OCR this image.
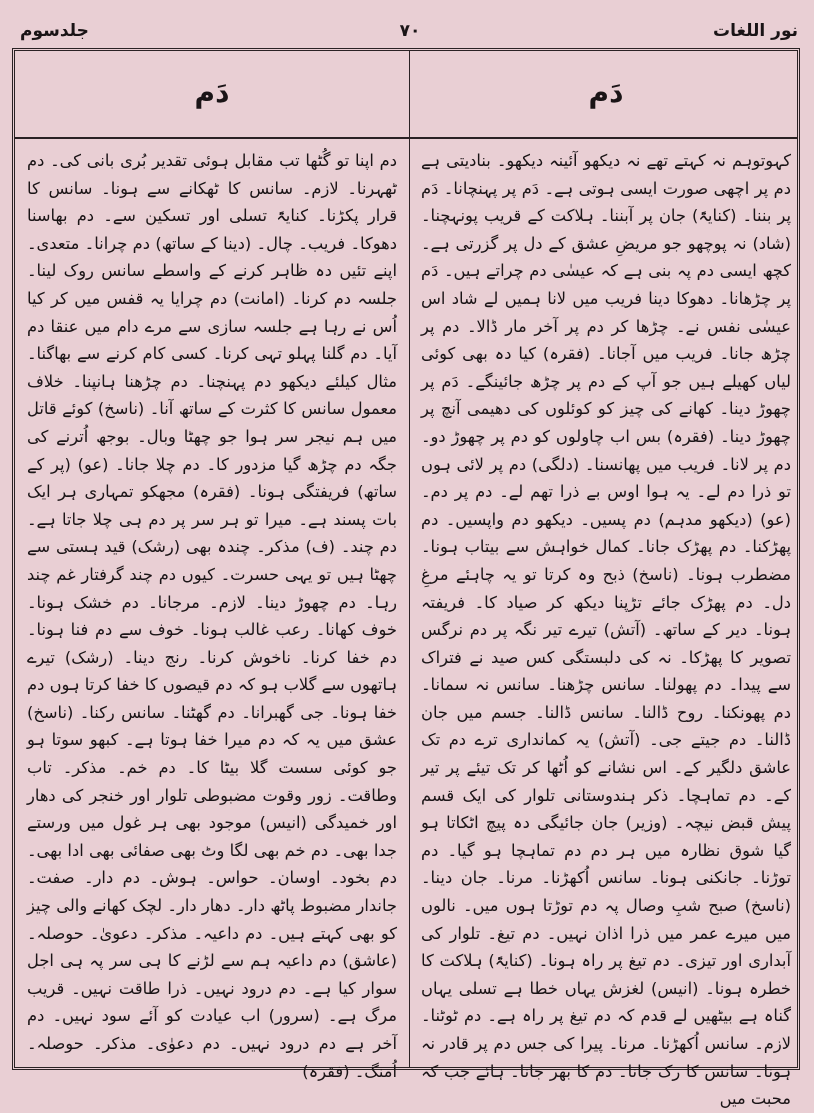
جلدسوم	٧٠	نور اللغات
دَم	دَم

کہوتوہم نہ کہتے تھے نہ دیکھو آئینہ دیکھو۔ بنادیتی ہے دم پر اچھی صورت ایسی ہوتی ہے۔ دَم پر پہنچانا۔ دَم پر بننا۔ (کنایۃً) جان پر آبننا۔ ہلاکت کے قریب پونہچنا۔ (شاد) نہ پوچھو جو مریضِ عشق کے دل پر گزرتی ہے۔ کچھ ایسی دم پہ بنی ہے کہ عیسٰی دم چراتے ہیں۔ دَم پر چڑھانا۔ دھوکا دینا فریب میں لانا ہمیں لے شاد اس عیسٰی نفس نے۔ چڑھا کر دم پر آخر مار ڈالا۔ دم پر چڑھ جانا۔ فریب میں آجانا۔ (فقرہ) کیا دہ بھی کوئی لیاں کھیلے ہیں جو آپ کے دم پر چڑھ جائینگے۔ دَم پر چھوڑ دینا۔ کھانے کی چیز کو کوئلوں کی دھیمی آنچ پر چھوڑ دینا۔ (فقرہ) بس اب چاولوں کو دم پر چھوڑ دو۔ دم پر لانا۔ فریب میں پھانسنا۔ (دلگی) دم پر لائی ہوں تو ذرا دم لے۔ یہ ہوا اوس بے ذرا تھم لے۔ دم پر دم۔ (عو) (دیکھو مدہم) دم پسیں۔ دیکھو دم واپسیں۔ دم پھڑکنا۔ دم پھڑک جانا۔ کمال خواہش سے بیتاب ہونا۔ مضطرب ہونا۔ (ناسخ) ذبح وہ کرتا تو یہ چاہئے مرغِ دل۔ دم پھڑک جائے تڑپنا دیکھ کر صیاد کا۔ فریفتہ ہونا۔ دیر کے ساتھ۔ (آتش) تیرے تیر نگہ پر دم نرگس تصویر کا پھڑکا۔ نہ کی دلبستگی کس صید نے فتراک سے پیدا۔ دم پھولنا۔ سانس چڑھنا۔ سانس نہ سمانا۔ دم پھونکنا۔ روح ڈالنا۔ سانس ڈالنا۔ جسم میں جان ڈالنا۔ دم جیتے جی۔ (آتش) یہ کمانداری ترے دم تک عاشق دلگیر کے۔ اس نشانے کو اُٹھا کر تک تیئے پر تیر کے۔ دم تماہچا۔ ذکر ہندوستانی تلوار کی ایک قسم پیش قبض نیچہ۔ (وزیر) جان جائیگی دہ پیچ اٹکاتا ہو گیا شوق نظارہ میں ہر دم دم تماہچا ہو گیا۔ دم توڑنا۔ جانکنی ہونا۔ سانس اُکھڑنا۔ مرنا۔ جان دینا۔ (ناسخ) صبح شبِ وصال پہ دم توڑتا ہوں میں۔ نالوں میں میرے عمر میں ذرا اذان نہیں۔ دم تیغ۔ تلوار کی آبداری اور تیزی۔ دم تیغ پر راہ ہونا۔ (کنایۃً) ہلاکت کا خطرہ ہونا۔ (انیس) لغزش یہاں خطا ہے تسلی یہاں گناہ ہے بیٹھیں لے قدم کہ دم تیغ پر راہ ہے۔ دم ٹوٹنا۔ لازم۔ سانس اُکھڑنا۔ مرنا۔ پیرا کی جس دم پر قادر نہ ہونا۔ سانس کا رک جانا۔ دم کا بھر جانا۔ ہائے جب کہ محبت میں

دم اپنا تو گُٹھا تب مقابل ہوئی تقدیر بُری بانی کی۔ دم ٹھہرنا۔ لازم۔ سانس کا ٹھکانے سے ہونا۔ سانس کا قرار پکڑنا۔ کنایۃً تسلی اور تسکین سے۔ دم بھاسنا دھوکا۔ فریب۔ چال۔ (دینا کے ساتھ) دم چرانا۔ متعدی۔ اپنے تئیں دہ ظاہر کرنے کے واسطے سانس روک لینا۔ جلسہ دم کرنا۔ (امانت) دم چرایا یہ قفس میں کر کیا اُس نے رہا ہے جلسہ سازی سے مرے دام میں عنقا دم آیا۔ دم گلنا پہلو تہی کرنا۔ کسی کام کرنے سے بھاگنا۔ مثال کیلئے دیکھو دم پہنچنا۔ دم چڑھنا ہانپنا۔ خلاف معمول سانس کا کثرت کے ساتھ آنا۔ (ناسخ) کوئے قاتل میں ہم نیجر سر ہوا جو چھٹا وبال۔ بوجھ اُترنے کی جگہ دم چڑھ گیا مزدور کا۔ دم چلا جانا۔ (عو) (پر کے ساتھ) فریفتگی ہونا۔ (فقرہ) مجھکو تمہاری ہر ایک بات پسند ہے۔ میرا تو ہر سر پر دم ہی چلا جاتا ہے۔ دم چند۔ (ف) مذکر۔ چندہ بھی (رشک) قید ہستی سے چھٹا ہیں تو یہی حسرت۔ کیوں دم چند گرفتار غم چند رہا۔ دم چھوڑ دینا۔ لازم۔ مرجانا۔ دم خشک ہونا۔ خوف کھانا۔ رعب غالب ہونا۔ خوف سے دم فنا ہونا۔ دم خفا کرنا۔ ناخوش کرنا۔ رنج دینا۔ (رشک) تیرے ہاتھوں سے گلاب ہو کہ دم قیصوں کا خفا کرتا ہوں دم خفا ہونا۔ جی گھبرانا۔ دم گھٹنا۔ سانس رکنا۔ (ناسخ) عشق میں یہ کہ دم میرا خفا ہوتا ہے۔ کبھو سوتا ہو جو کوئی سست گلا بیٹا کا۔ دم خم۔ مذکر۔ تاب وطاقت۔ زور وقوت مضبوطی تلوار اور خنجر کی دھار اور خمیدگی (انیس) موجود بھی ہر غول میں ورستے جدا بھی۔ دم خم بھی لگا وٹ بھی صفائی بھی ادا بھی۔ دم بخود۔ اوسان۔ حواس۔ ہوش۔ دم دار۔ صفت۔ جاندار مضبوط پاٹھ دار۔ دھار دار۔ لچک کھانے والی چیز کو بھی کہتے ہیں۔ دم داعیہ۔ مذکر۔ دعویٰ۔ حوصلہ۔ (عاشق) دم داعیہ ہم سے لڑنے کا ہی سر پہ ہی اجل سوار کیا ہے۔ دم درود نہیں۔ ذرا طاقت نہیں۔ قریب مرگ ہے۔ (سرور) اب عیادت کو آئے سود نہیں۔ دم آخر ہے دم درود نہیں۔ دم دعوٰی۔ مذکر۔ حوصلہ۔ اُمنگ۔ (فقرہ)
